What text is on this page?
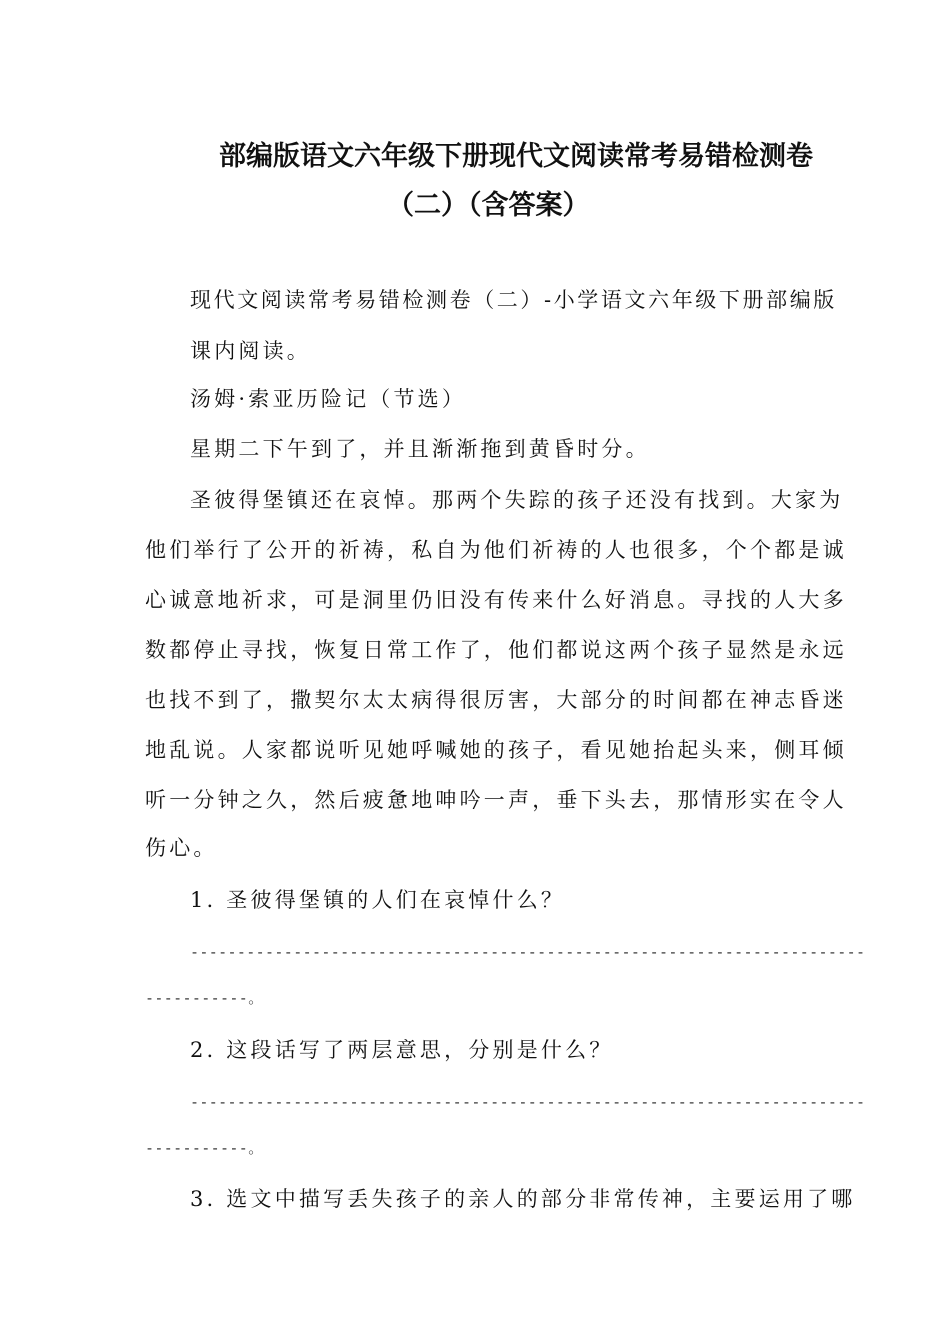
部编版语文六年级下册现代文阅读常考易错检测卷
（二）（含答案）
现代文阅读常考易错检测卷（二）-小学语文六年级下册部编版
课内阅读。
汤姆·索亚历险记（节选）
星期二下午到了，并且渐渐拖到黄昏时分。
圣彼得堡镇还在哀悼。那两个失踪的孩子还没有找到。大家为
他们举行了公开的祈祷，私自为他们祈祷的人也很多，个个都是诚
心诚意地祈求，可是洞里仍旧没有传来什么好消息。寻找的人大多
数都停止寻找，恢复日常工作了，他们都说这两个孩子显然是永远
也找不到了，撒契尔太太病得很厉害，大部分的时间都在神志昏迷
地乱说。人家都说听见她呼喊她的孩子，看见她抬起头来，侧耳倾
听一分钟之久，然后疲惫地呻吟一声，垂下头去，那情形实在令人
伤心。
1. 圣彼得堡镇的人们在哀悼什么？
------------------------------------------------------------------------
-----------。
2. 这段话写了两层意思，分别是什么？
------------------------------------------------------------------------
-----------。
3. 选文中描写丢失孩子的亲人的部分非常传神，主要运用了哪
